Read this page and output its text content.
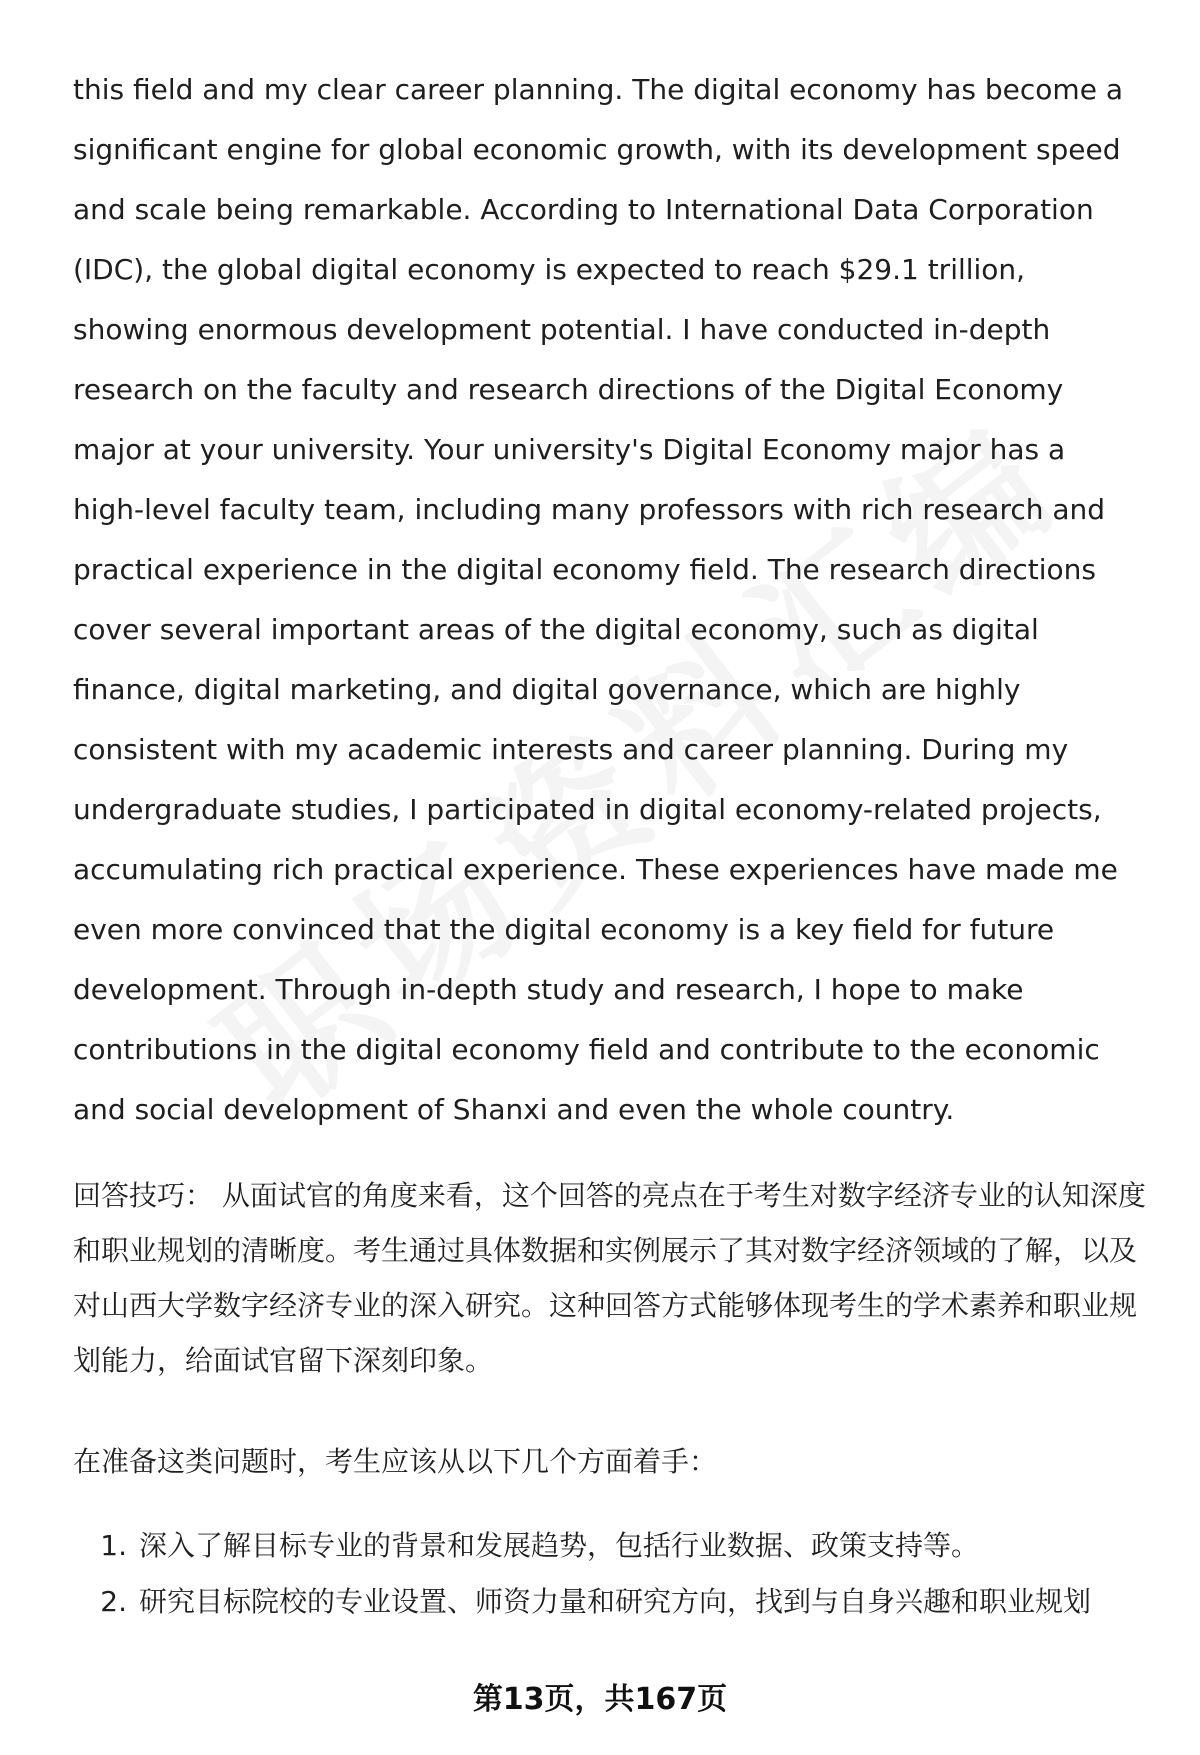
this field and my clear career planning. The digital economy has become a significant engine for global economic growth, with its development speed and scale being remarkable. According to International Data Corporation (IDC), the global digital economy is expected to reach $29.1 trillion, showing enormous development potential. I have conducted in-depth research on the faculty and research directions of the Digital Economy major at your university. Your university's Digital Economy major has a high-level faculty team, including many professors with rich research and practical experience in the digital economy field. The research directions cover several important areas of the digital economy, such as digital finance, digital marketing, and digital governance, which are highly consistent with my academic interests and career planning. During my undergraduate studies, I participated in digital economy-related projects, accumulating rich practical experience. These experiences have made me even more convinced that the digital economy is a key field for future development. Through in-depth study and research, I hope to make contributions in the digital economy field and contribute to the economic and social development of Shanxi and even the whole country.

回答技巧： 从面试官的角度来看，这个回答的亮点在于考生对数字经济专业的认知深度和职业规划的清晰度。考生通过具体数据和实例展示了其对数字经济领域的了解，以及对山西大学数字经济专业的深入研究。这种回答方式能够体现考生的学术素养和职业规划能力，给面试官留下深刻印象。

在准备这类问题时，考生应该从以下几个方面着手：

1. 深入了解目标专业的背景和发展趋势，包括行业数据、政策支持等。
2. 研究目标院校的专业设置、师资力量和研究方向，找到与自身兴趣和职业规划
第13页，共167页
